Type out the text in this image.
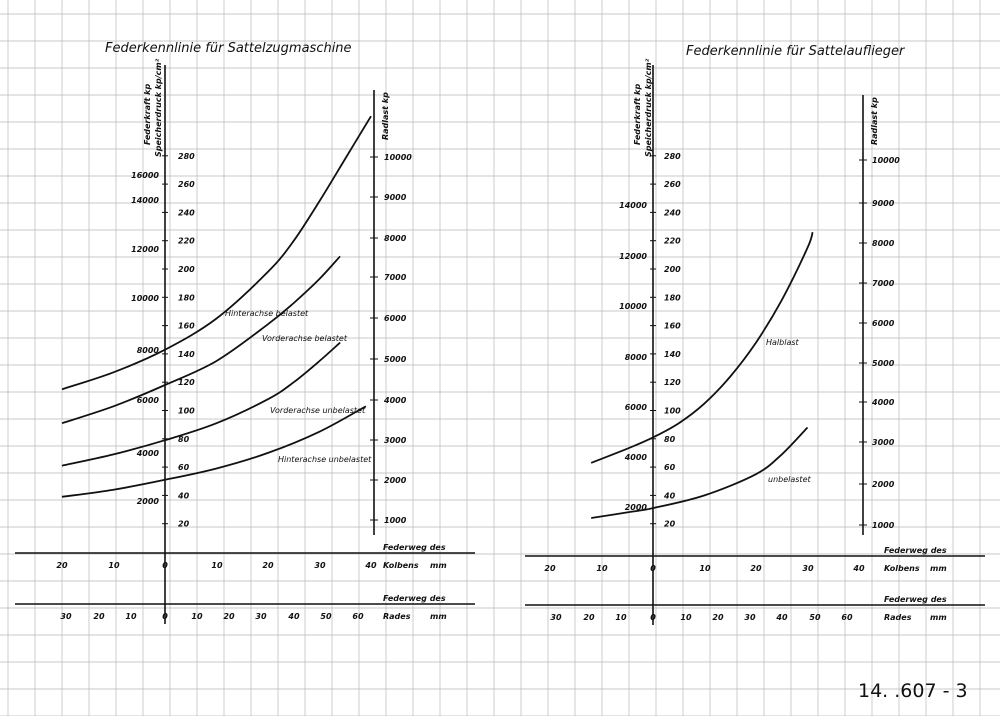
Federkennlinie für Sattelzugmaschine
Federkraft kp Speicherdruck kp/cm²	Radlast kp
2000
4000
6000
8000
10000
12000
14000
16000
20
40
60
80
100
120
140
160
180
200
220
240
260
280
1000
2000
3000
4000
5000
6000
7000
8000
9000
10000
20	10	0	10	20	30	40
30	20	10	0	10	20	30	40	50	60
Federweg des
Kolbens mm
Federweg des
Rades mm
Hinterachse belastet
Vorderachse belastet
Vorderachse unbelastet
Hinterachse unbelastet
Federkennlinie für Sattelauflieger
Federkraft kp Speicherdruck kp/cm²	Radlast kp
2000
4000
6000
8000
10000
12000
14000
20
40
60
80
100
120
140
160
180
200
220
240
260
280
1000
2000
3000
4000
5000
6000
7000
8000
9000
10000
20	10	0	10	20	30	40
30	20	10	0	10	20	30	40	50	60
Federweg des
Kolbens mm
Federweg des
Rades mm
Halblast
unbelastet
14. .607 - 3
